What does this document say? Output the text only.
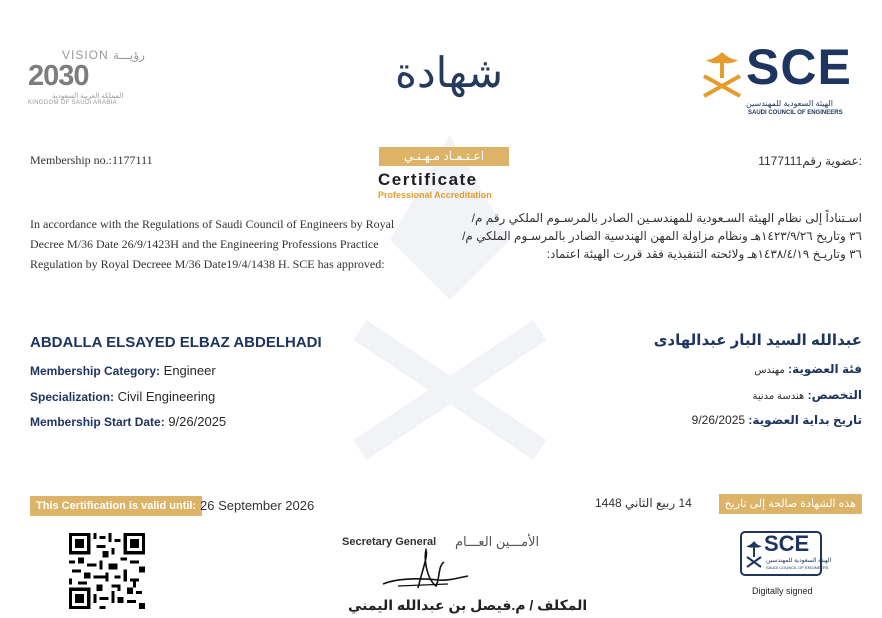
VISION رؤيـــة
2030
المملكة العربية السعودية
KINGDOM OF SAUDI ARABIA
SCE
الهيئة السعودية للمهندسين
SAUDI COUNCIL OF ENGINEERS
شهادة
اعـتـمـاد مـهـنـي
Certificate
Professional Accreditation
Membership no.:1177111	1177111عضوية رقم:
In accordance with the Regulations of Saudi Council of Engineers by Royal Decree M/36 Date 26/9/1423H and the Engineering Professions Practice Regulation by Royal Decreee M/36 Date19/4/1438 H. SCE has approved:
اسـتناداً إلى نظام الهيئة السـعودية للمهندسـين الصادر بالمرسـوم الملكي رقم م/٣٦ وتاريخ ١٤٢٣/٩/٢٦هـ ونظام مزاولة المهن الهندسية الصادر بالمرسـوم الملكي م/٣٦ وتاريـخ ١٤٣٨/٤/١٩هـ ولائحته التنفيذية فقد قررت الهيئة اعتماد:
ABDALLA ELSAYED ELBAZ ABDELHADI	عبدالله السيد البار عبدالهادى
Membership Category: Engineer
Specialization: Civil Engineering
Membership Start Date: 9/26/2025
فئة العضوية: مهندس
التخصص: هندسة مدنية
تاريخ بداية العضوية: 9/26/2025
This Certification is valid until: 26 September 2026	هذه الشهادة صالحة إلى تاريخ
14 ربيع الثاني 1448
Secretary General الأمـــين العـــام
المكلف / م.فيصل بن عبدالله اليمني
SCE
الهيئة السعودية للمهندسين
SAUDI COUNCIL OF ENGINEERS
Digitally signed
